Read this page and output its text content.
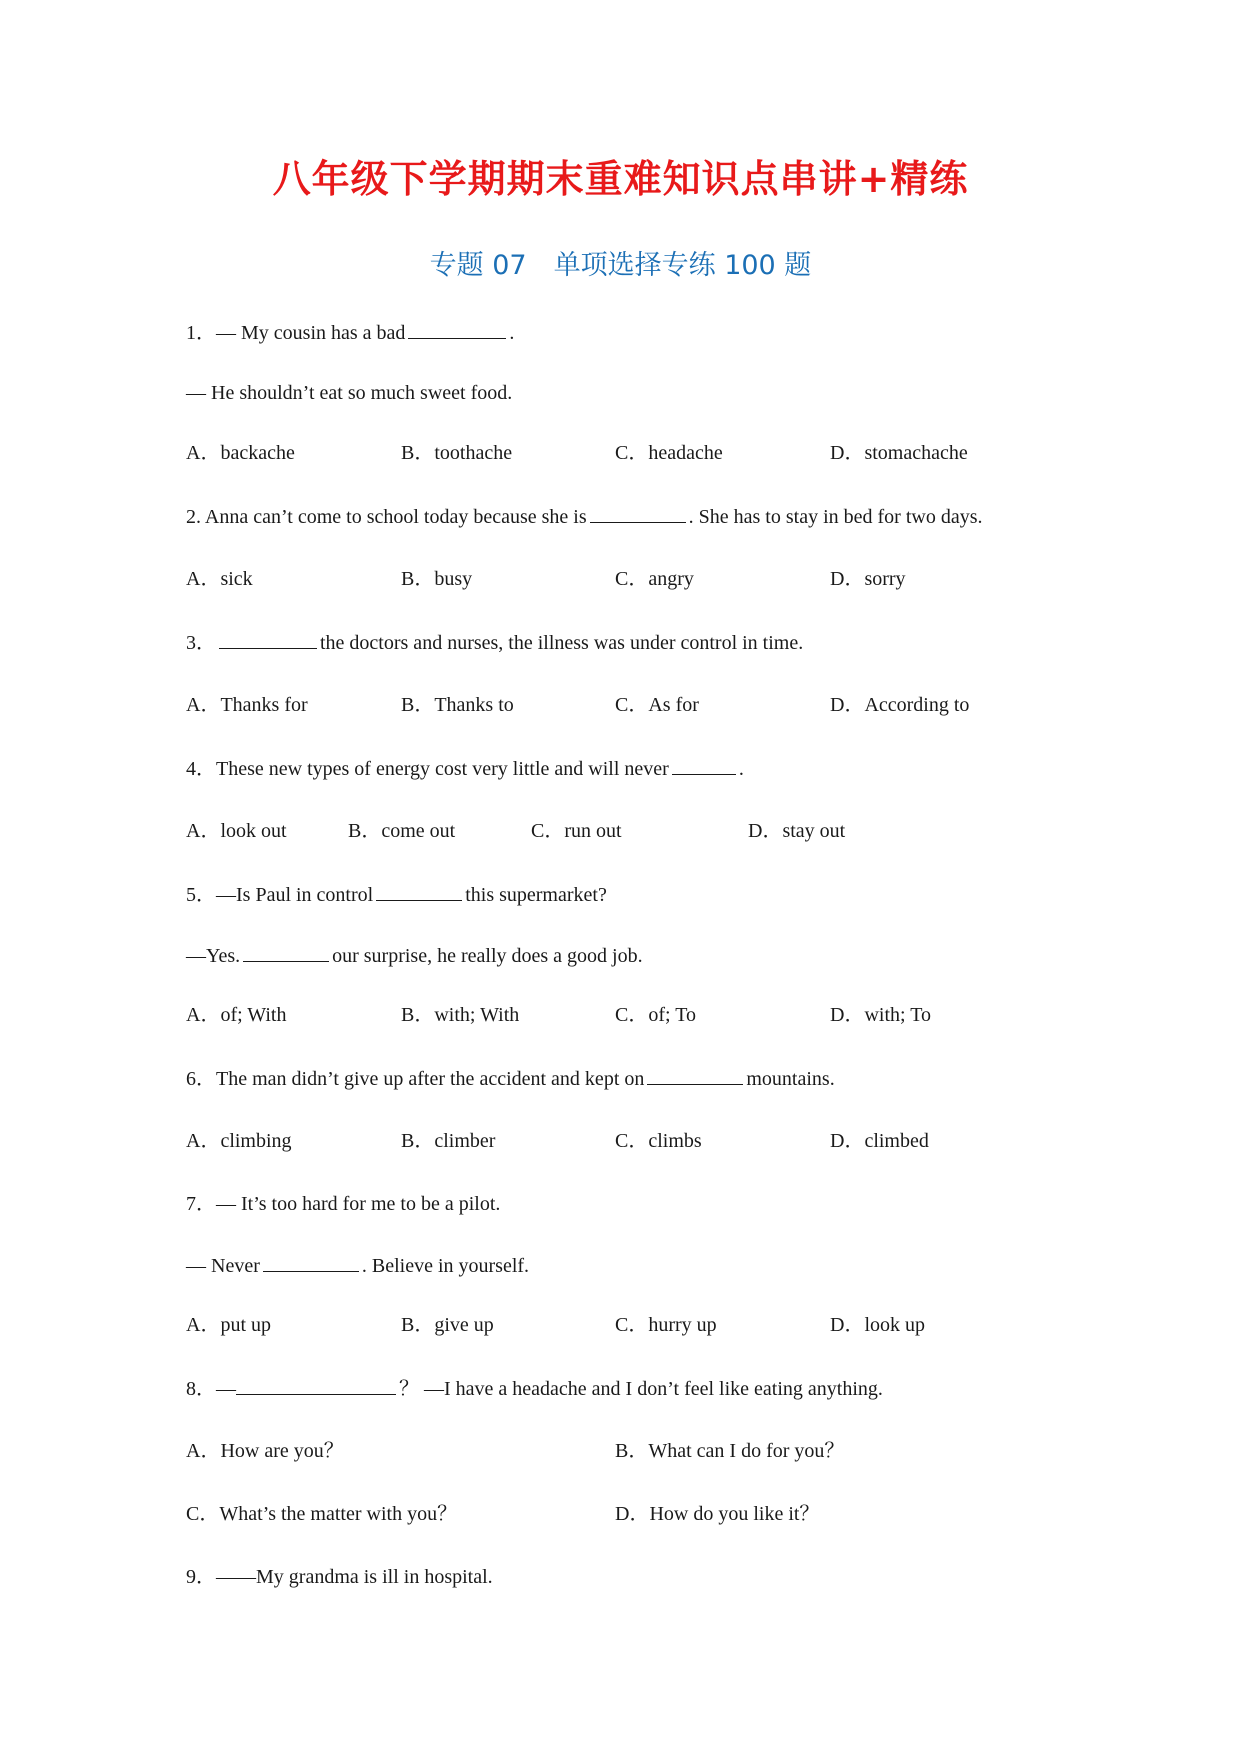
八年级下学期期末重难知识点串讲+精练
专题 07　单项选择专练 100 题
1．— My cousin has a bad	.
— He shouldn’t eat so much sweet food.
A．backache	B．toothache	C．headache	D．stomachache
2. Anna can’t come to school today because she is	. She has to stay in bed for two days.
A．sick	B．busy	C．angry	D．sorry
3．	the doctors and nurses, the illness was under control in time.
A．Thanks for	B．Thanks to	C．As for	D．According to
4．These new types of energy cost very little and will never	.
A．look out	B．come out	C．run out	D．stay out
5．—Is Paul in control	this supermarket?
—Yes.	our surprise, he really does a good job.
A．of; With	B．with; With	C．of; To	D．with; To
6．The man didn’t give up after the accident and kept on	mountains.
A．climbing	B．climber	C．climbs	D．climbed
7．— It’s too hard for me to be a pilot.
— Never	. Believe in yourself.
A．put up	B．give up	C．hurry up	D．look up
8．—	？ —I have a headache and I don’t feel like eating anything.
A．How are you？	B．What can I do for you？
C．What’s the matter with you？	D．How do you like it？
9．——My grandma is ill in hospital.
